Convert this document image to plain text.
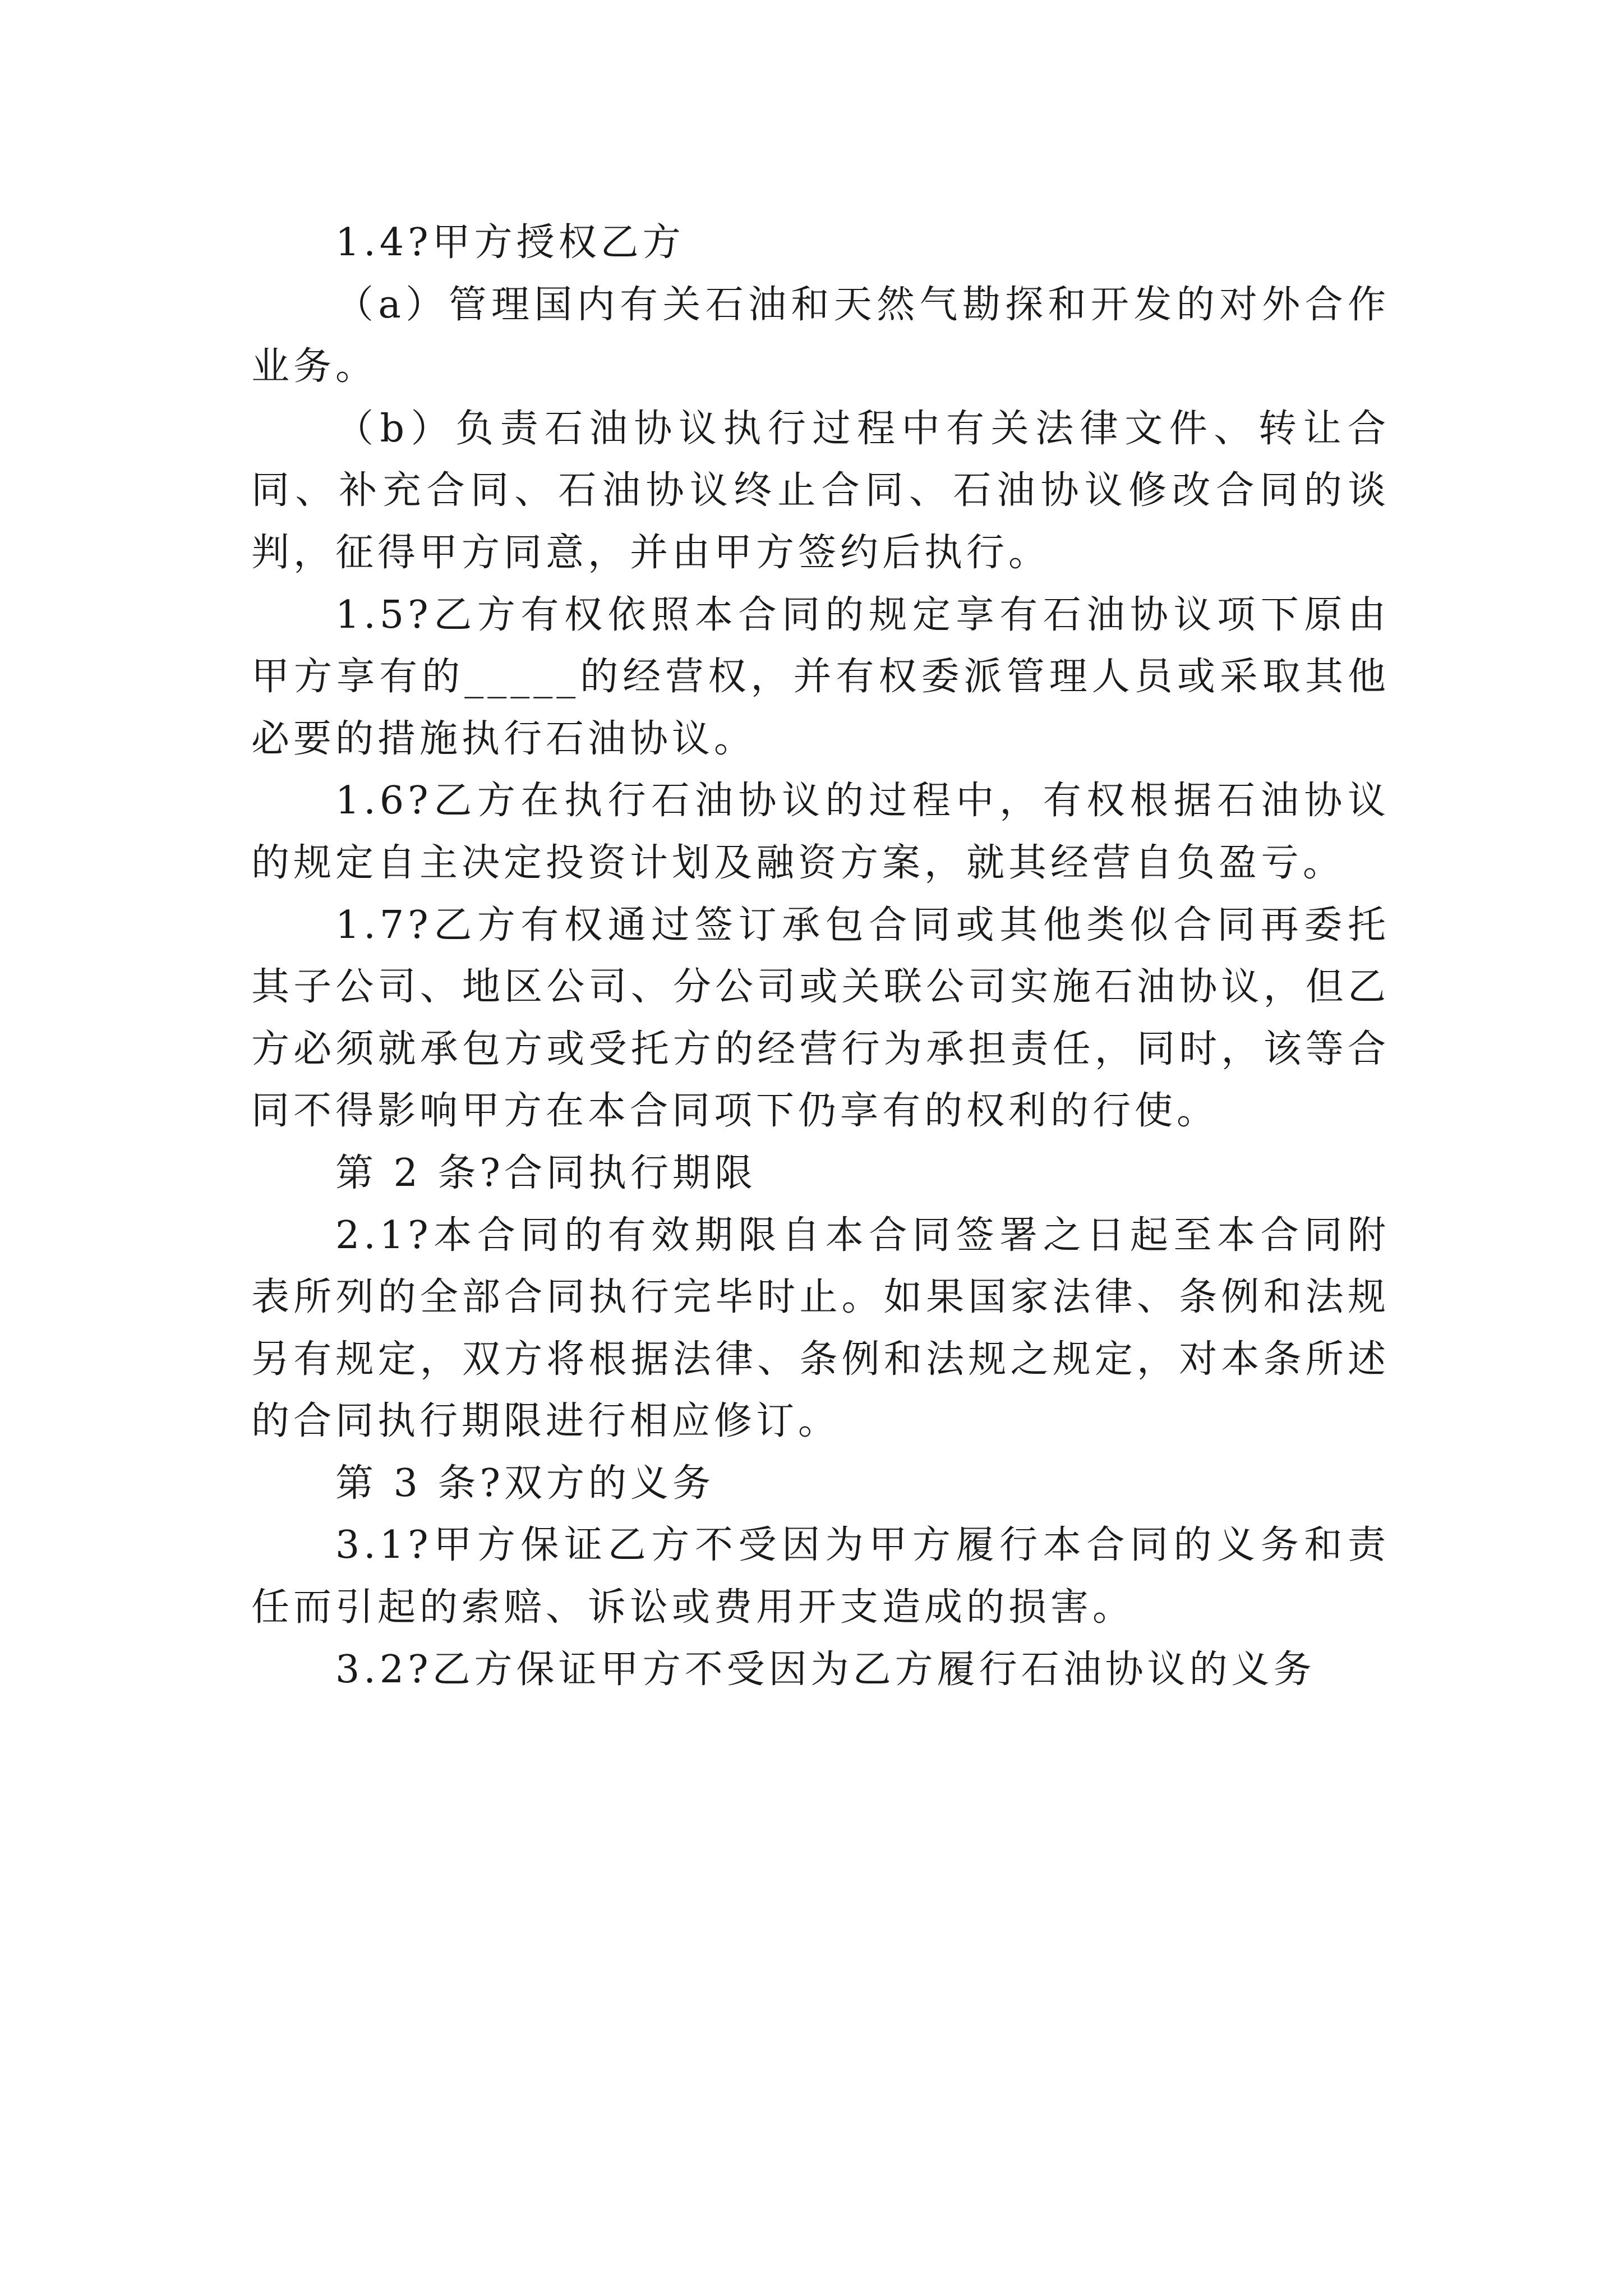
1.4?甲方授权乙方

（a）管理国内有关石油和天然气勘探和开发的对外合作业务。

（b）负责石油协议执行过程中有关法律文件、转让合同、补充合同、石油协议终止合同、石油协议修改合同的谈判，征得甲方同意，并由甲方签约后执行。

1.5?乙方有权依照本合同的规定享有石油协议项下原由甲方享有的_____的经营权，并有权委派管理人员或采取其他必要的措施执行石油协议。

1.6?乙方在执行石油协议的过程中，有权根据石油协议的规定自主决定投资计划及融资方案，就其经营自负盈亏。

1.7?乙方有权通过签订承包合同或其他类似合同再委托其子公司、地区公司、分公司或关联公司实施石油协议，但乙方必须就承包方或受托方的经营行为承担责任，同时，该等合同不得影响甲方在本合同项下仍享有的权利的行使。

第 2 条?合同执行期限

2.1?本合同的有效期限自本合同签署之日起至本合同附表所列的全部合同执行完毕时止。如果国家法律、条例和法规另有规定，双方将根据法律、条例和法规之规定，对本条所述的合同执行期限进行相应修订。

第 3 条?双方的义务

3.1?甲方保证乙方不受因为甲方履行本合同的义务和责任而引起的索赔、诉讼或费用开支造成的损害。

3.2?乙方保证甲方不受因为乙方履行石油协议的义务
